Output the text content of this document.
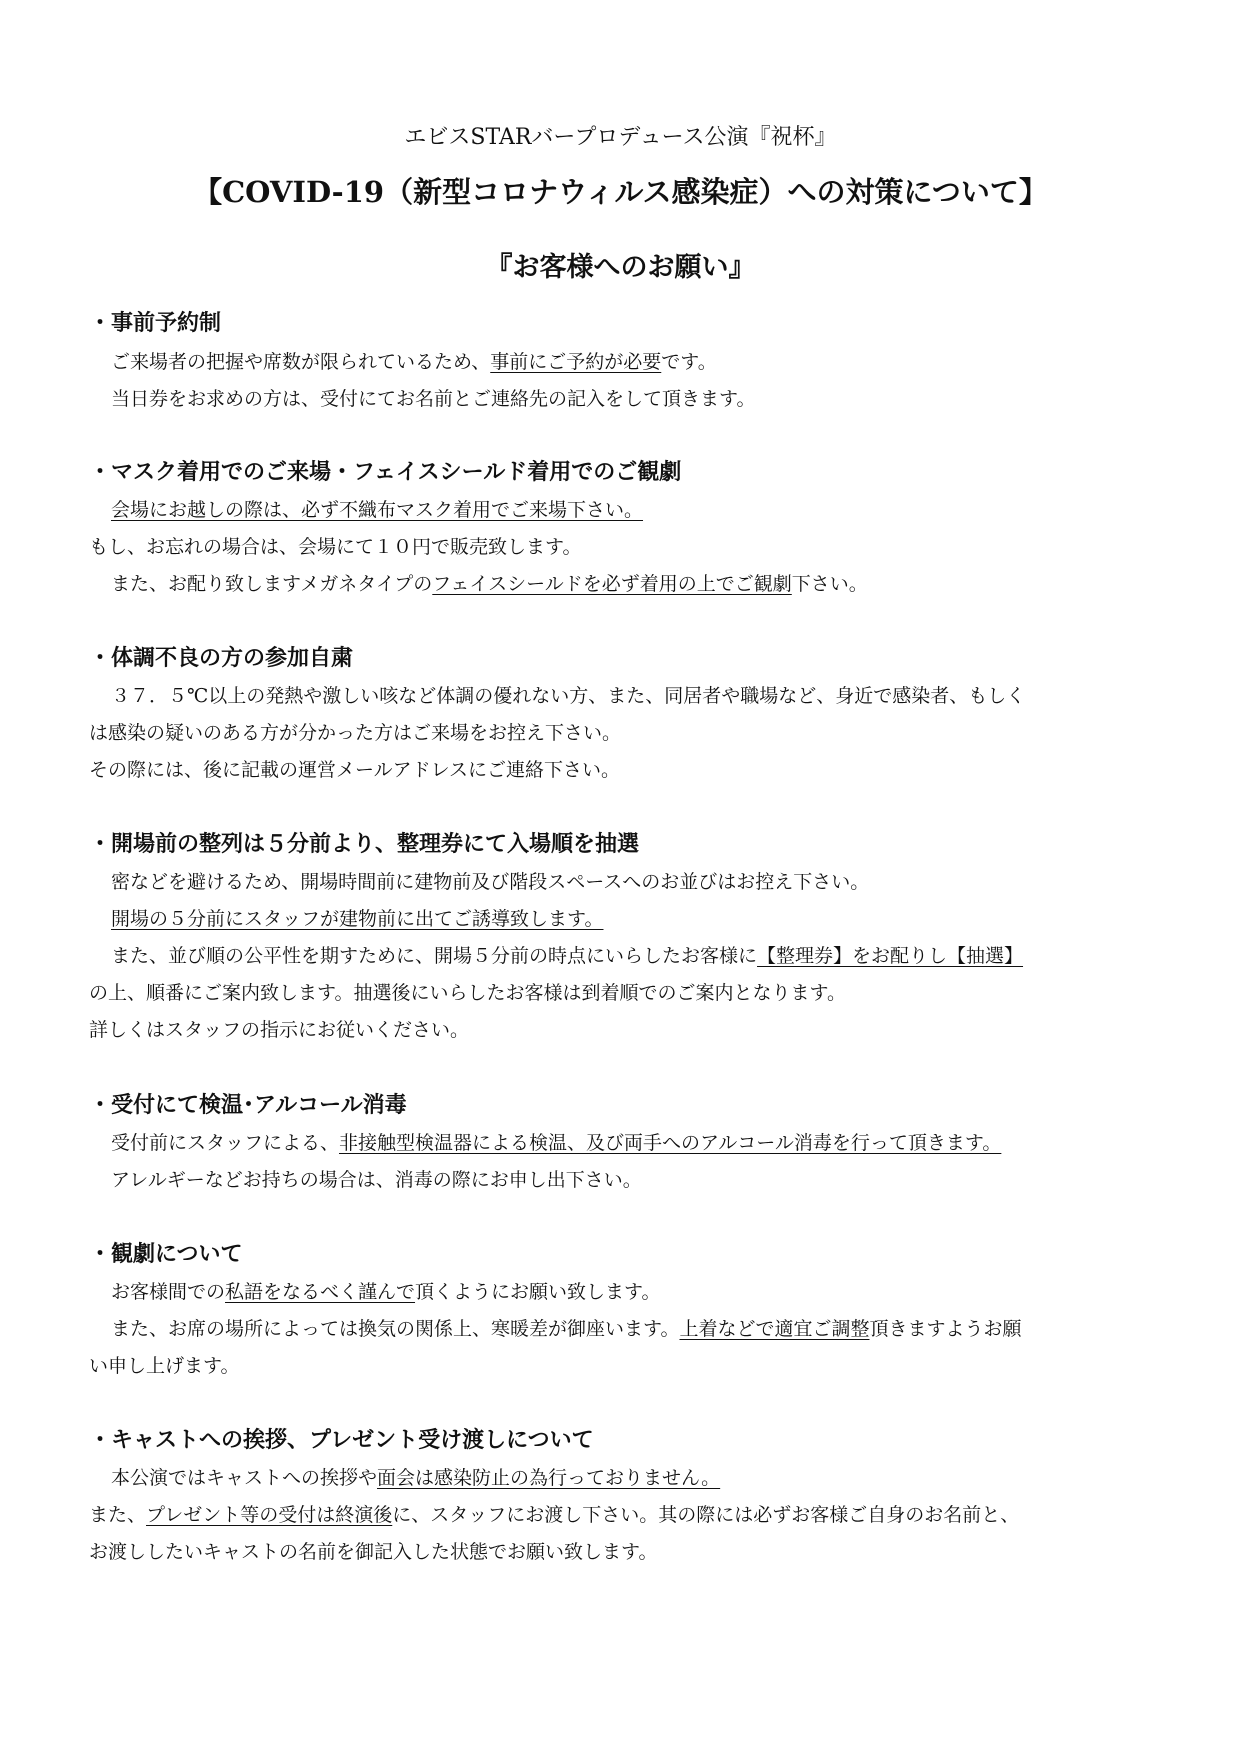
エビスSTARバープロデュース公演『祝杯』
【COVID-19（新型コロナウィルス感染症）への対策について】
『お客様へのお願い』
・事前予約制
ご来場者の把握や席数が限られているため、事前にご予約が必要です。
当日券をお求めの方は、受付にてお名前とご連絡先の記入をして頂きます。
・マスク着用でのご来場・フェイスシールド着用でのご観劇
会場にお越しの際は、必ず不織布マスク着用でご来場下さい。
もし、お忘れの場合は、会場にて１０円で販売致します。
また、お配り致しますメガネタイプのフェイスシールドを必ず着用の上でご観劇下さい。
・体調不良の方の参加自粛
３７．５℃以上の発熱や激しい咳など体調の優れない方、また、同居者や職場など、身近で感染者、もしく
は感染の疑いのある方が分かった方はご来場をお控え下さい。
その際には、後に記載の運営メールアドレスにご連絡下さい。
・開場前の整列は５分前より、整理券にて入場順を抽選
密などを避けるため、開場時間前に建物前及び階段スペースへのお並びはお控え下さい。
開場の５分前にスタッフが建物前に出てご誘導致します。
また、並び順の公平性を期すために、開場５分前の時点にいらしたお客様に【整理券】をお配りし【抽選】
の上、順番にご案内致します。抽選後にいらしたお客様は到着順でのご案内となります。
詳しくはスタッフの指示にお従いください。
・受付にて検温･アルコール消毒
受付前にスタッフによる、非接触型検温器による検温、及び両手へのアルコール消毒を行って頂きます。
アレルギーなどお持ちの場合は、消毒の際にお申し出下さい。
・観劇について
お客様間での私語をなるべく謹んで頂くようにお願い致します。
また、お席の場所によっては換気の関係上、寒暖差が御座います。上着などで適宜ご調整頂きますようお願
い申し上げます。
・キャストへの挨拶、プレゼント受け渡しについて
本公演ではキャストへの挨拶や面会は感染防止の為行っておりません。
また、プレゼント等の受付は終演後に、スタッフにお渡し下さい。其の際には必ずお客様ご自身のお名前と、
お渡ししたいキャストの名前を御記入した状態でお願い致します。
